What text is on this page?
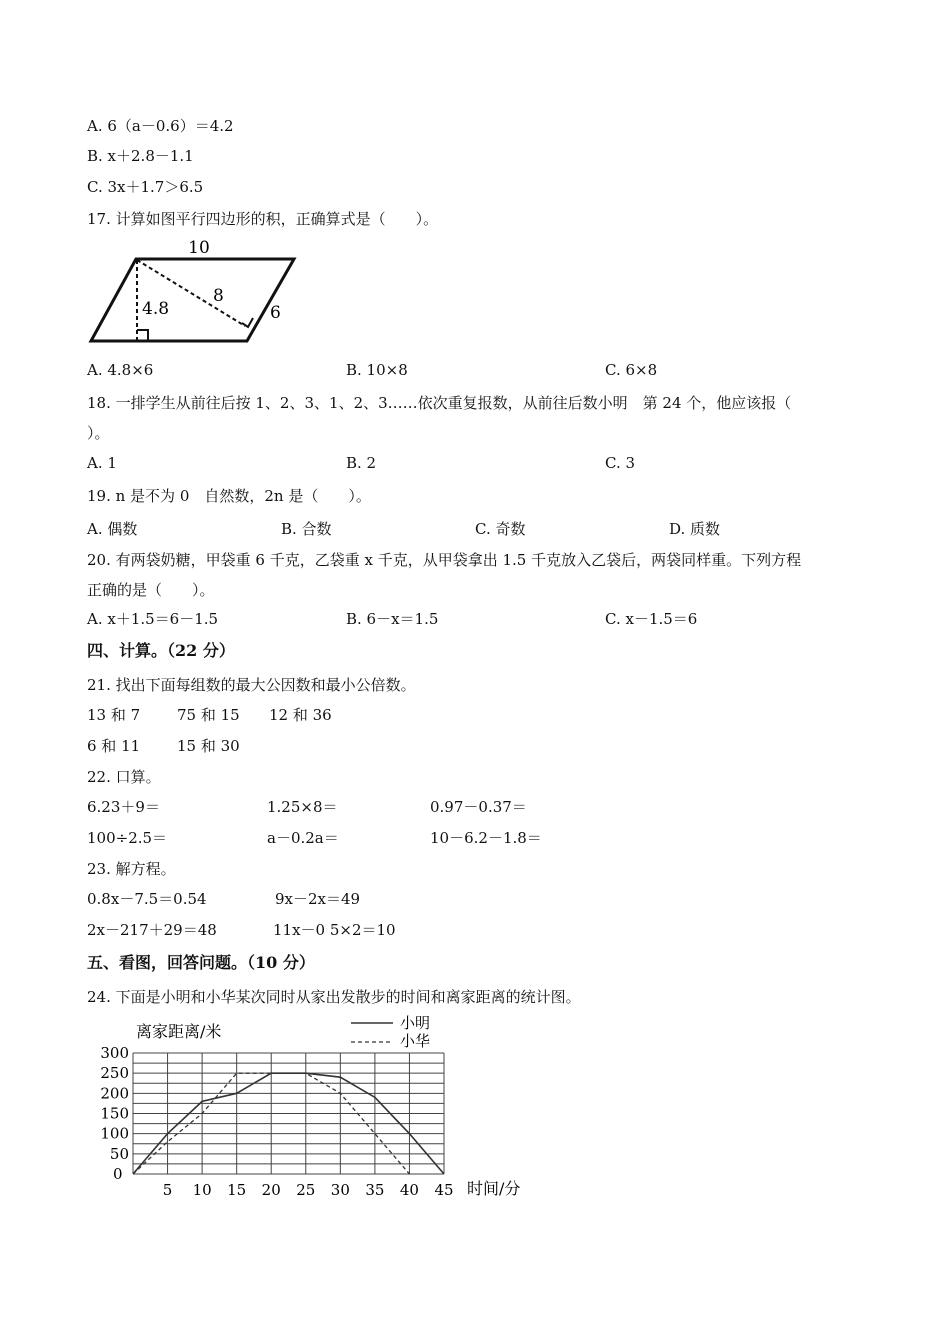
A. 6（a－0.6）＝4.2
B. x＋2.8－1.1
C. 3x＋1.7＞6.5
17. 计算如图平行四边形的积，正确算式是（　　）。
10
4.8
8
6
A. 4.8×6	B. 10×8	C. 6×8
18. 一排学生从前往后按 1、2、3、1、2、3……依次重复报数，从前往后数小明　第 24 个，他应该报（
）。
A. 1	B. 2	C. 3
19. n 是不为 0　自然数，2n 是（　　）。
A. 偶数	B. 合数	C. 奇数	D. 质数
20. 有两袋奶糖，甲袋重 6 千克，乙袋重 x 千克，从甲袋拿出 1.5 千克放入乙袋后，两袋同样重。下列方程
正确的是（　　）。
A. x＋1.5＝6－1.5	B. 6－x＝1.5	C. x－1.5＝6
四、计算。（22 分）
21. 找出下面每组数的最大公因数和最小公倍数。
13 和 7 75 和 15 12 和 36
6 和 11 15 和 30
22. 口算。
6.23＋9＝	1.25×8＝	0.97－0.37＝
100÷2.5＝	a－0.2a＝	10－6.2－1.8＝
23. 解方程。
0.8x－7.5＝0.54	9x－2x＝49
2x－217＋29＝48	11x－0 5×2＝10
五、看图，回答问题。（10 分）
24. 下面是小明和小华某次同时从家出发散步的时间和离家距离的统计图。
300
250
200
150
100
50
0
5 10 15 20 25 30 35 40 45
离家距离/米
时间/分
小明
小华
